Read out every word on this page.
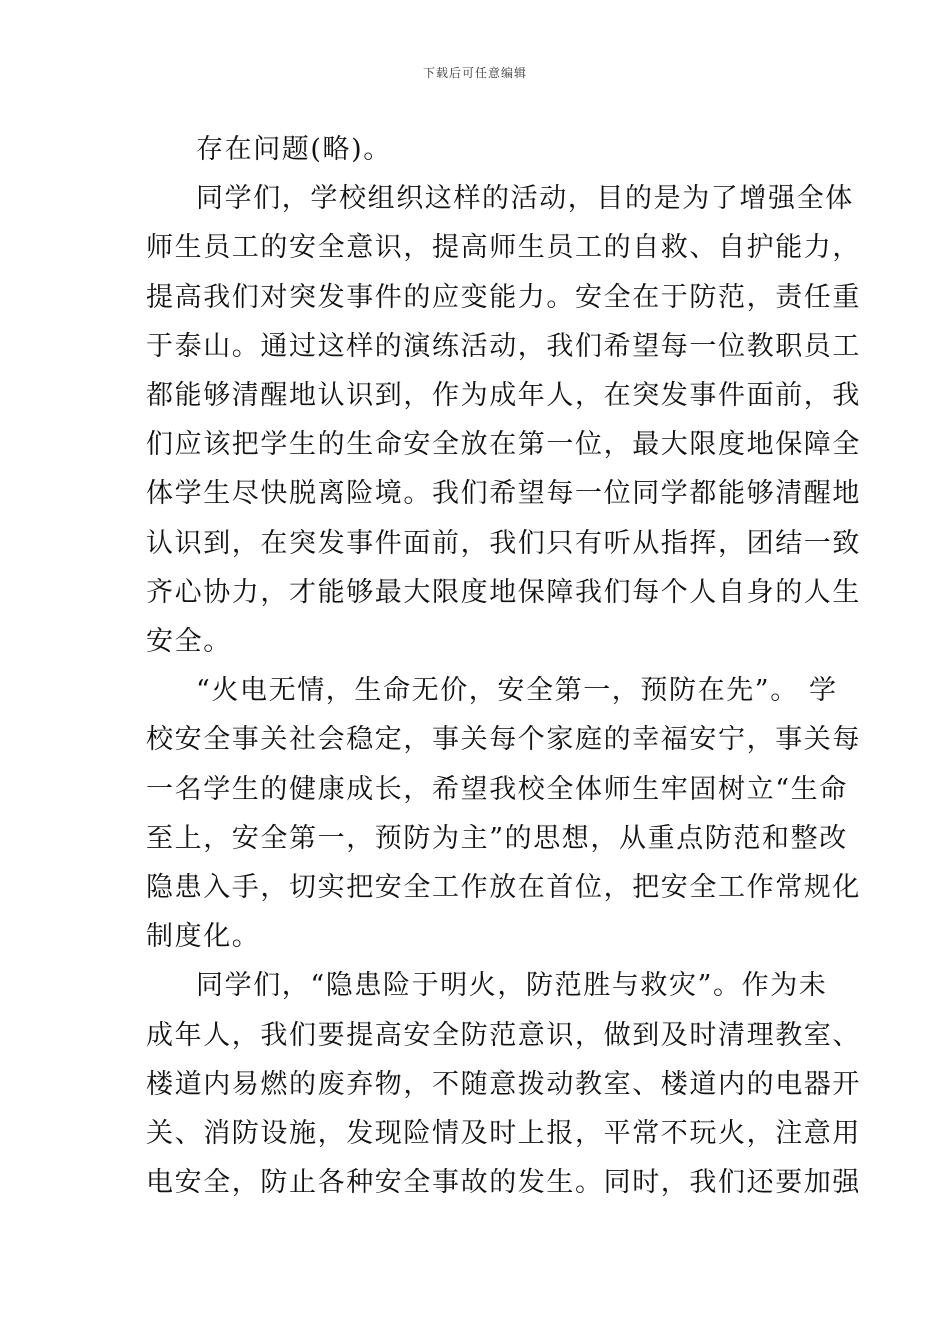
下载后可任意编辑
存在问题(略)。
同学们，学校组织这样的活动，目的是为了增强全体
师生员工的安全意识，提高师生员工的自救、自护能力，
提高我们对突发事件的应变能力。安全在于防范，责任重
于泰山。通过这样的演练活动，我们希望每一位教职员工
都能够清醒地认识到，作为成年人，在突发事件面前，我
们应该把学生的生命安全放在第一位，最大限度地保障全
体学生尽快脱离险境。我们希望每一位同学都能够清醒地
认识到，在突发事件面前，我们只有听从指挥，团结一致
齐心协力，才能够最大限度地保障我们每个人自身的人生
安全。
“火电无情，生命无价，安全第一，预防在先”。 学
校安全事关社会稳定，事关每个家庭的幸福安宁，事关每
一名学生的健康成长，希望我校全体师生牢固树立“生命
至上，安全第一，预防为主”的思想，从重点防范和整改
隐患入手，切实把安全工作放在首位，把安全工作常规化
制度化。
同学们，“隐患险于明火，防范胜与救灾”。作为未
成年人，我们要提高安全防范意识，做到及时清理教室、
楼道内易燃的废弃物，不随意拨动教室、楼道内的电器开
关、消防设施，发现险情及时上报，平常不玩火，注意用
电安全，防止各种安全事故的发生。同时，我们还要加强
